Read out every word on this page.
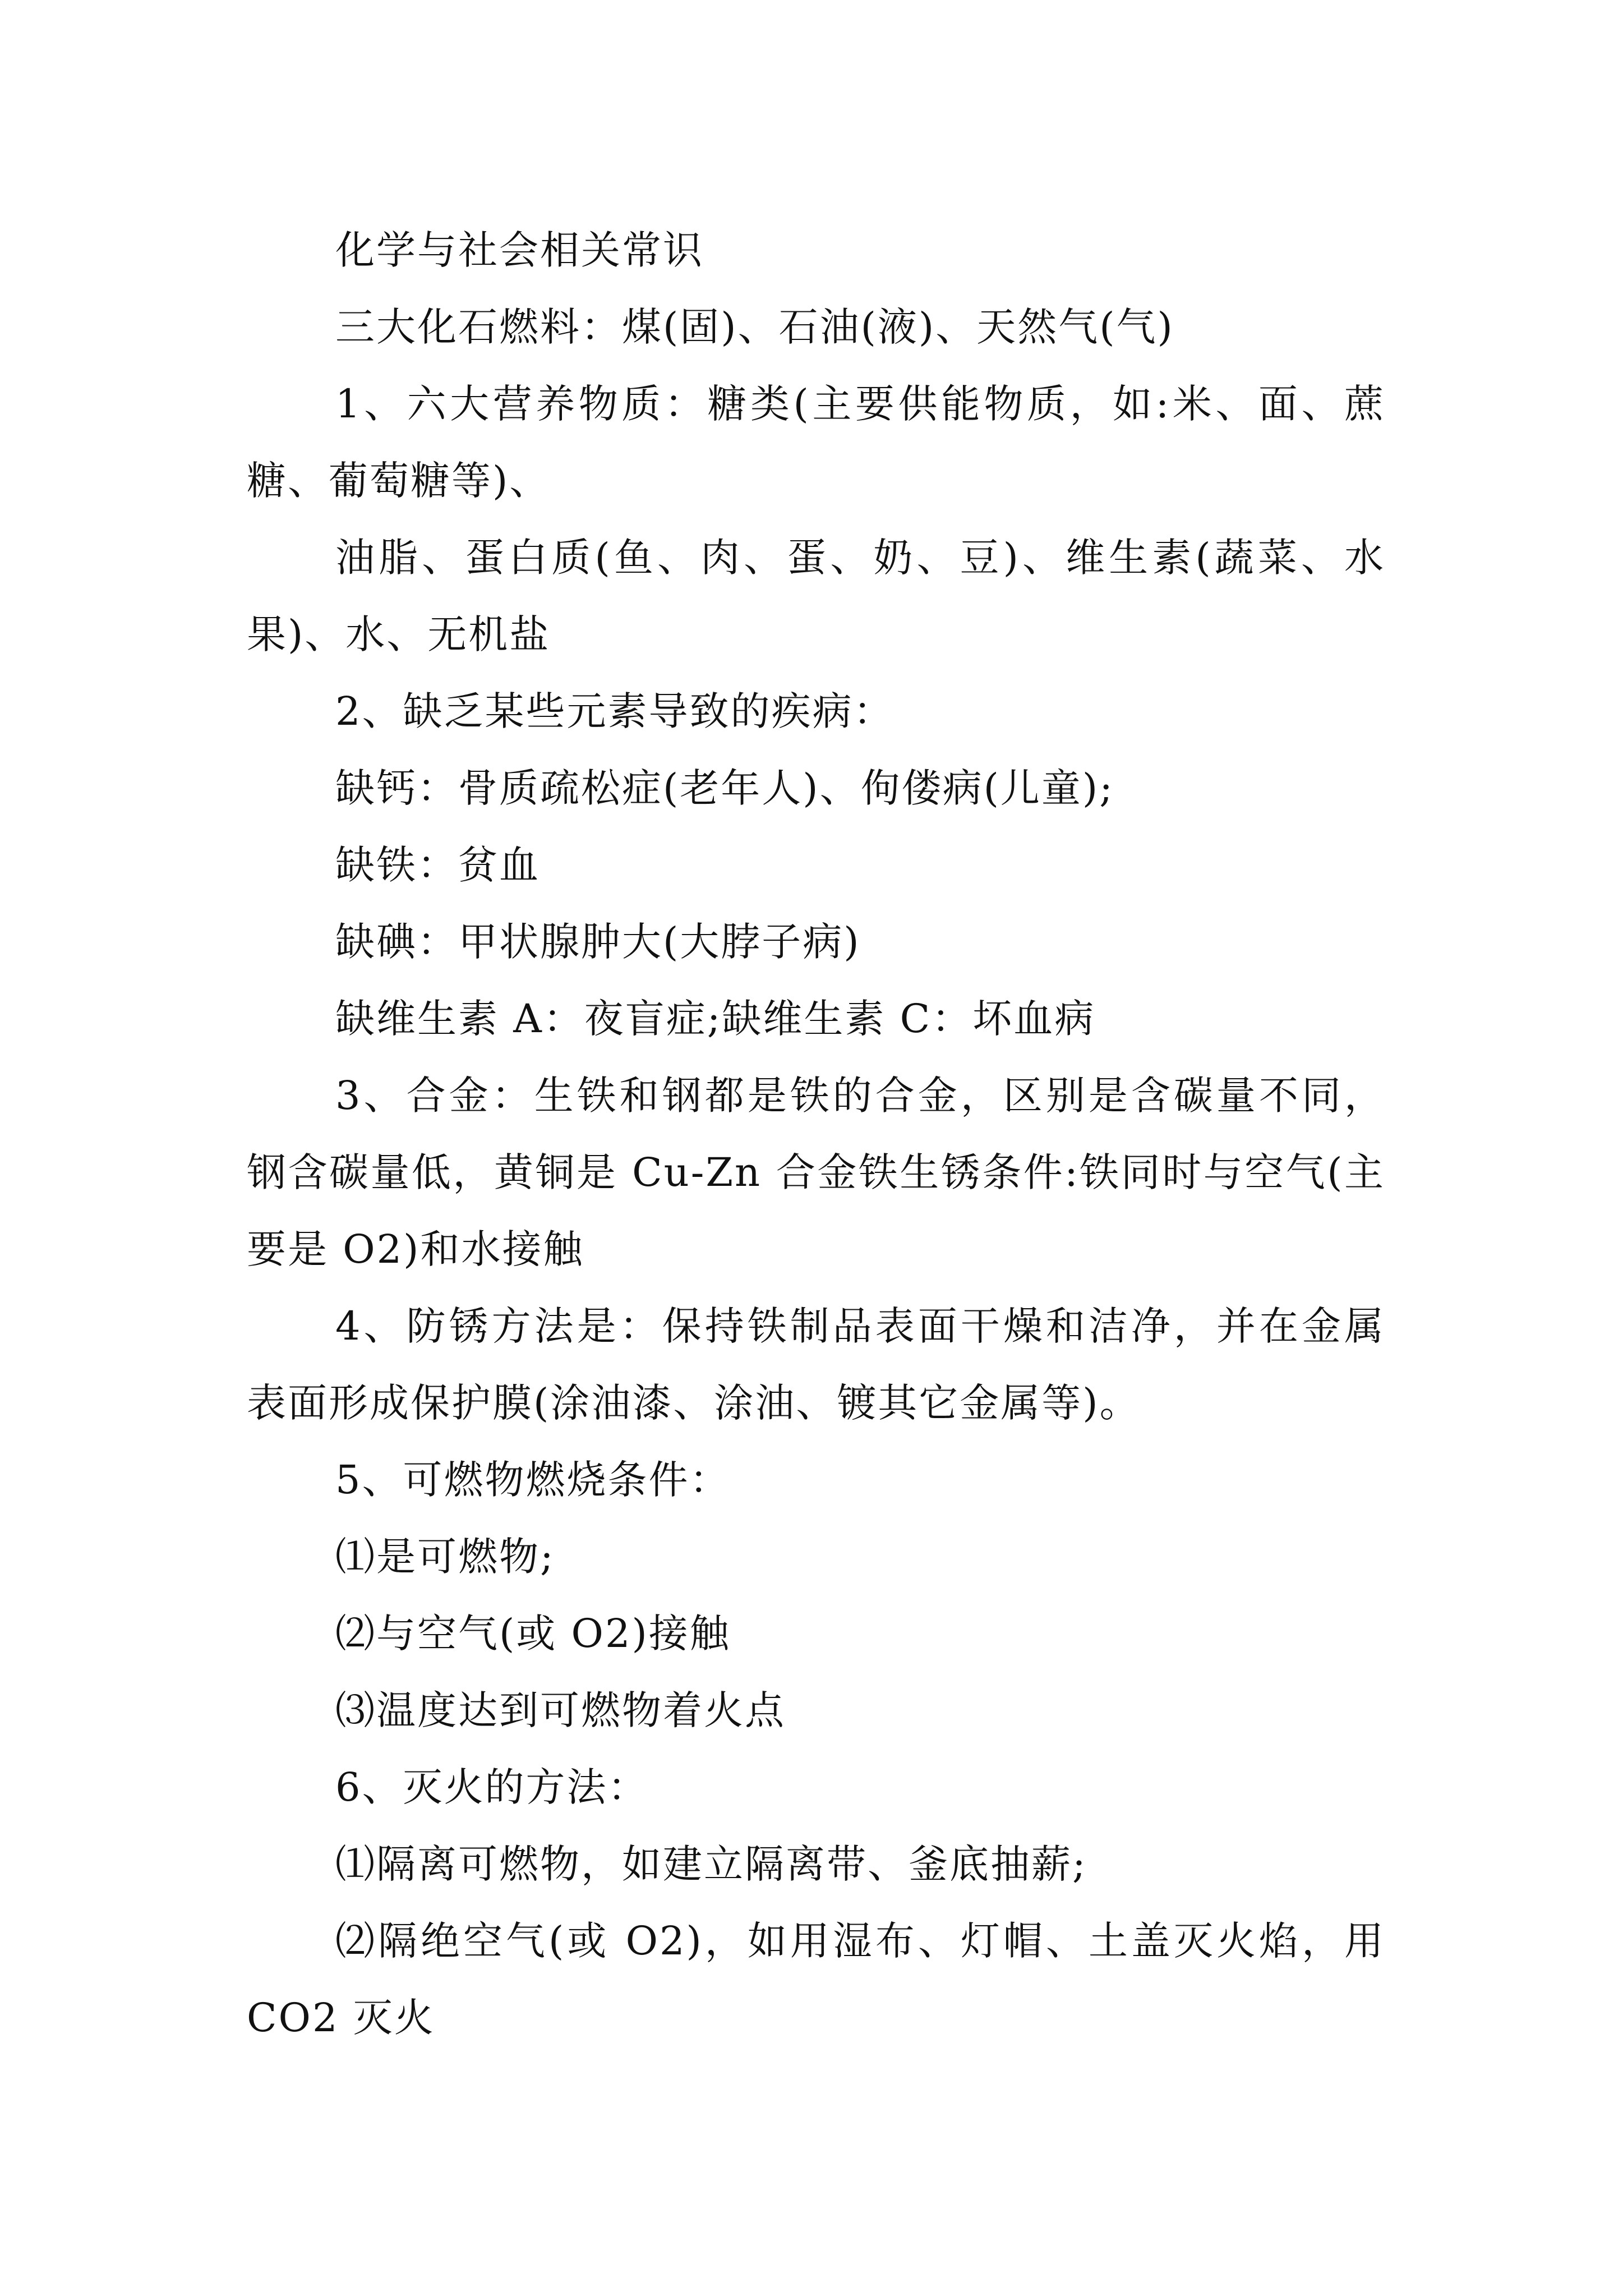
化学与社会相关常识

三大化石燃料：煤(固)、石油(液)、天然气(气)

1、六大营养物质：糖类(主要供能物质，如:米、面、蔗糖、葡萄糖等)、

油脂、蛋白质(鱼、肉、蛋、奶、豆)、维生素(蔬菜、水果)、水、无机盐

2、缺乏某些元素导致的疾病：

缺钙：骨质疏松症(老年人)、佝偻病(儿童);

缺铁：贫血

缺碘：甲状腺肿大(大脖子病)

缺维生素 A：夜盲症;缺维生素 C：坏血病

3、合金：生铁和钢都是铁的合金，区别是含碳量不同，钢含碳量低，黄铜是 Cu-Zn 合金铁生锈条件:铁同时与空气(主要是 O2)和水接触

4、防锈方法是：保持铁制品表面干燥和洁净，并在金属表面形成保护膜(涂油漆、涂油、镀其它金属等)。

5、可燃物燃烧条件：

⑴是可燃物;

⑵与空气(或 O2)接触

⑶温度达到可燃物着火点

6、灭火的方法：

⑴隔离可燃物，如建立隔离带、釜底抽薪;

⑵隔绝空气(或 O2)，如用湿布、灯帽、土盖灭火焰，用 CO2 灭火
